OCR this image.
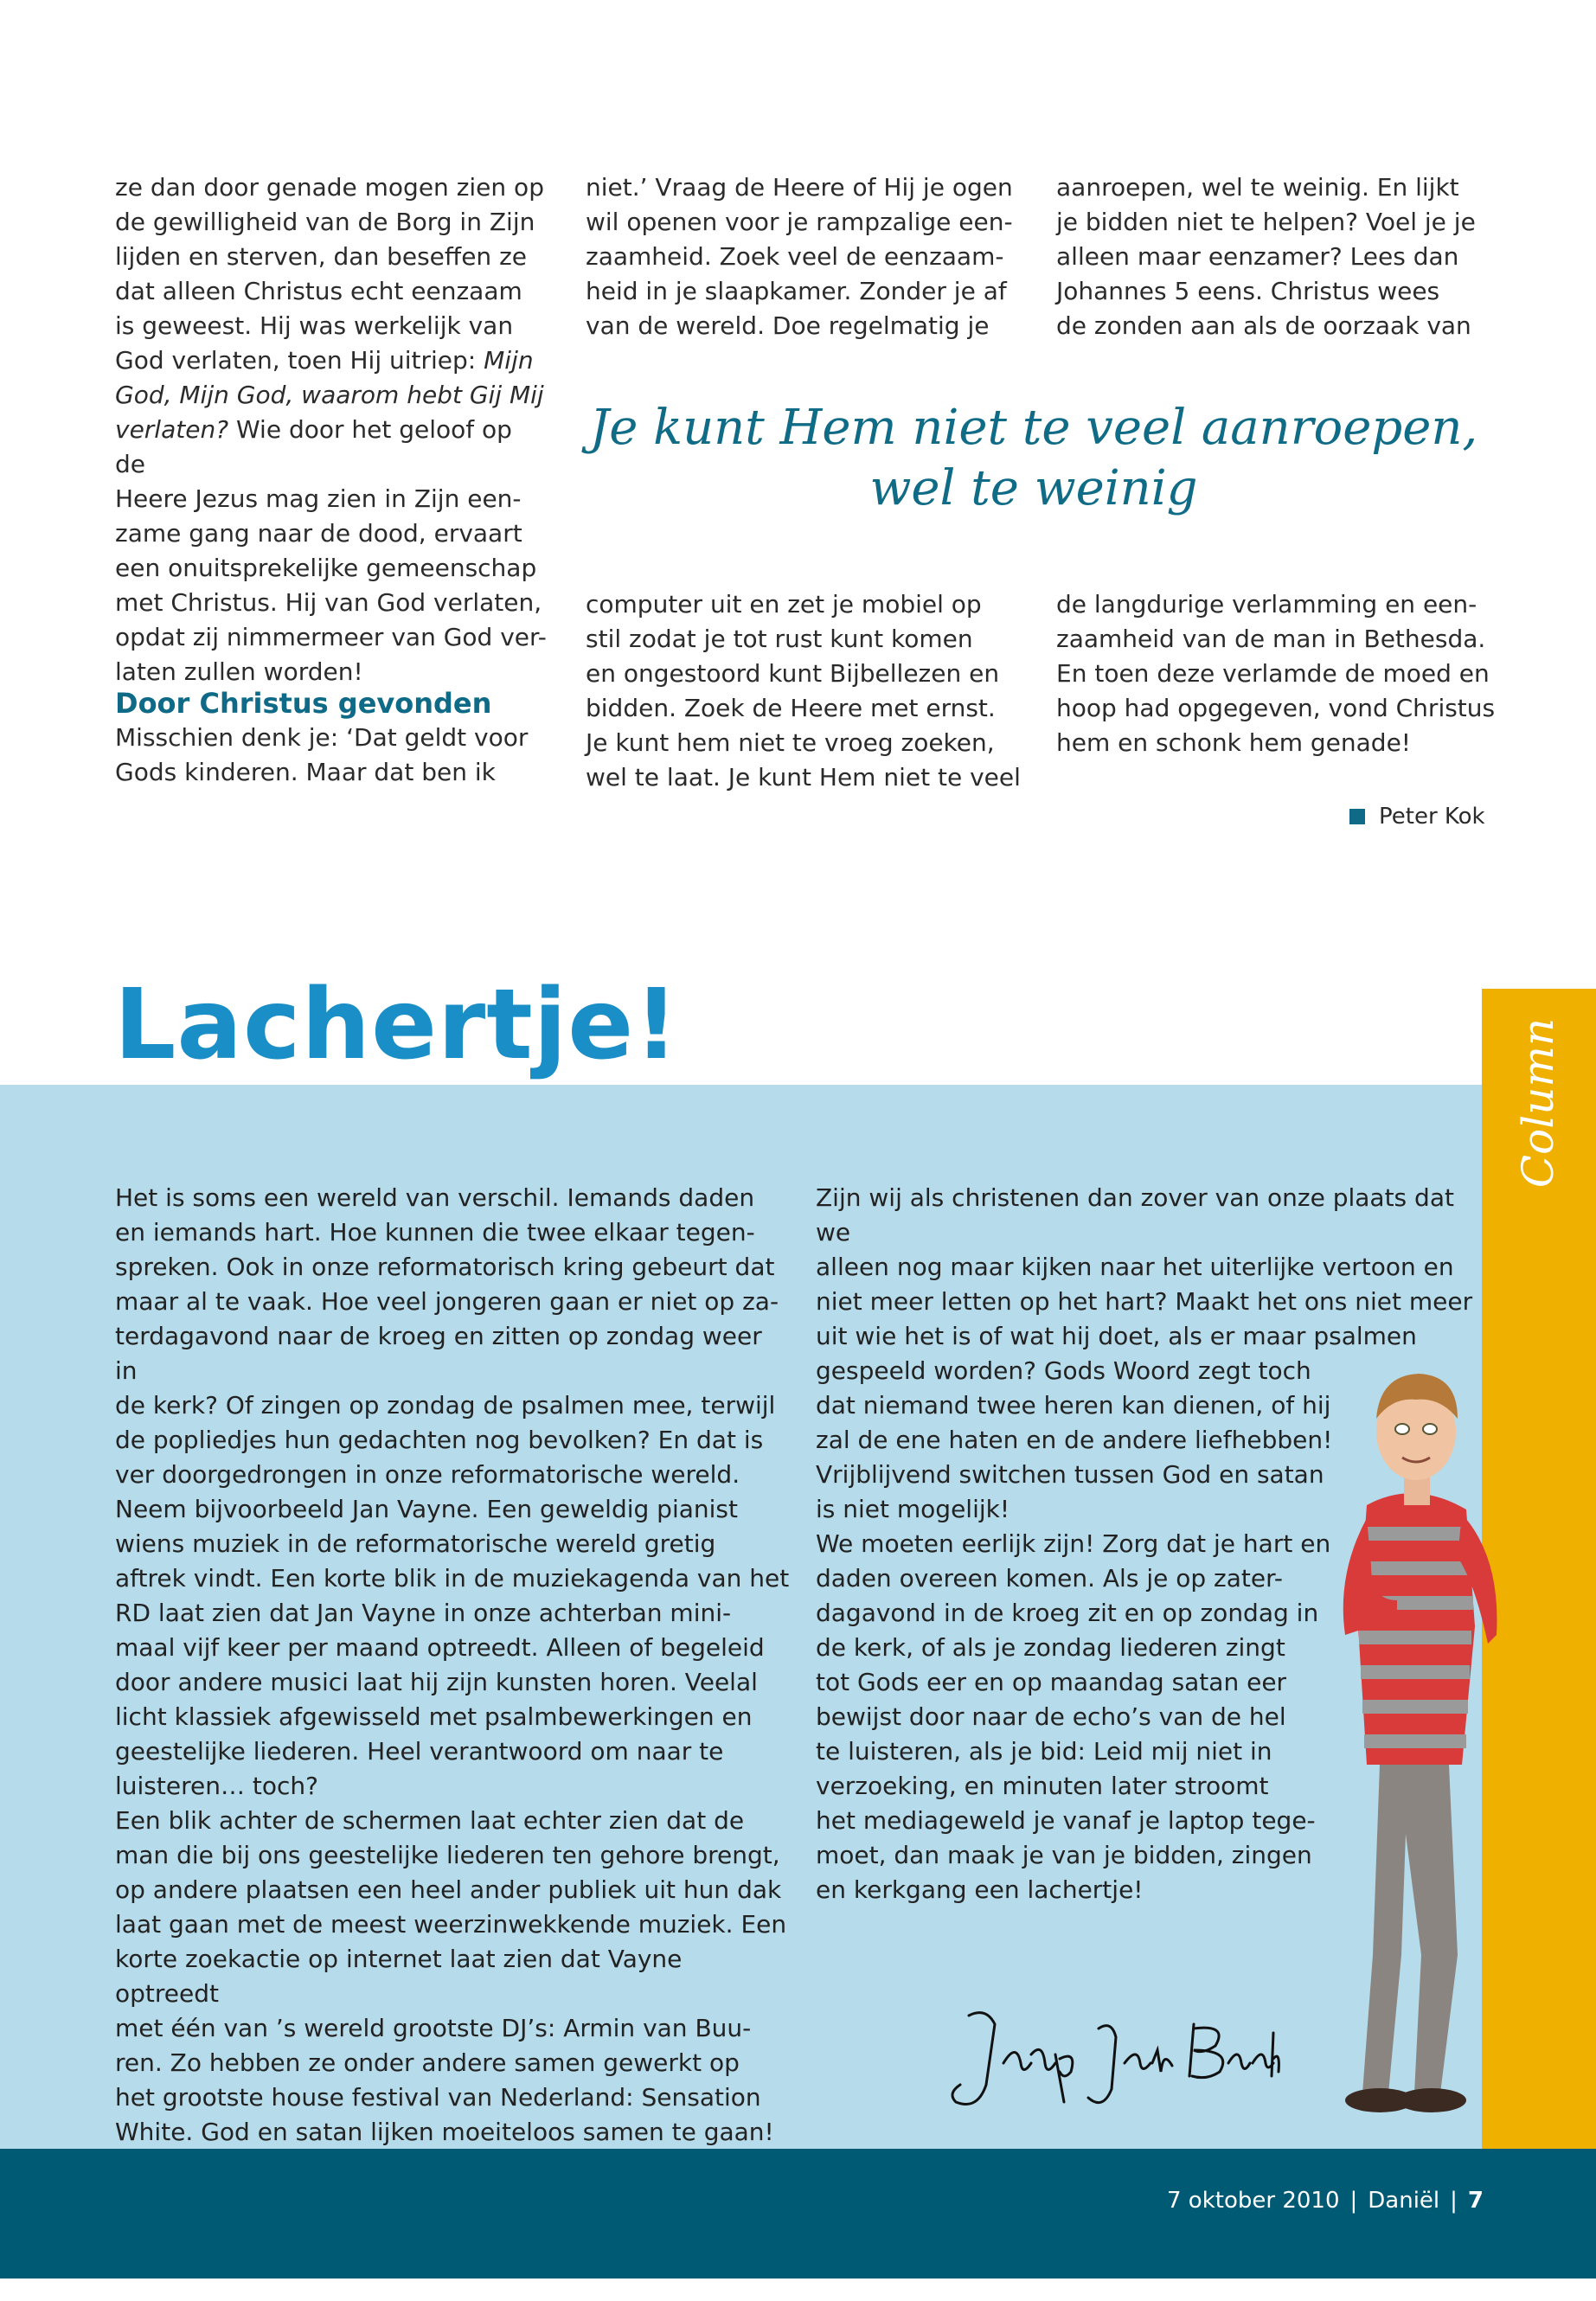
ze dan door genade mogen zien op
de gewilligheid van de Borg in Zijn
lijden en sterven, dan beseffen ze
dat alleen Christus echt eenzaam
is geweest. Hij was werkelijk van
God verlaten, toen Hij uitriep: Mijn
God, Mijn God, waarom hebt Gij Mij
verlaten? Wie door het geloof op de
Heere Jezus mag zien in Zijn een-
zame gang naar de dood, ervaart
een onuitsprekelijke gemeenschap
met Christus. Hij van God verlaten,
opdat zij nimmermeer van God ver-
laten zullen worden!

Door Christus gevonden

Misschien denk je: ‘Dat geldt voor
Gods kinderen. Maar dat ben ik

niet.’ Vraag de Heere of Hij je ogen
wil openen voor je rampzalige een-
zaamheid. Zoek veel de eenzaam-
heid in je slaapkamer. Zonder je af
van de wereld. Doe regelmatig je

computer uit en zet je mobiel op
stil zodat je tot rust kunt komen
en ongestoord kunt Bijbellezen en
bidden. Zoek de Heere met ernst.
Je kunt hem niet te vroeg zoeken,
wel te laat. Je kunt Hem niet te veel

aanroepen, wel te weinig. En lijkt
je bidden niet te helpen? Voel je je
alleen maar eenzamer? Lees dan
Johannes 5 eens. Christus wees
de zonden aan als de oorzaak van

de langdurige verlamming en een-
zaamheid van de man in Bethesda.
En toen deze verlamde de moed en
hoop had opgegeven, vond Christus
hem en schonk hem genade!

Je kunt Hem niet te veel aanroepen,
wel te weinig

Peter Kok

Column
Lachertje!

Het is soms een wereld van verschil. Iemands daden
en iemands hart. Hoe kunnen die twee elkaar tegen-
spreken. Ook in onze reformatorisch kring gebeurt dat
maar al te vaak. Hoe veel jongeren gaan er niet op za-
terdagavond naar de kroeg en zitten op zondag weer in
de kerk? Of zingen op zondag de psalmen mee, terwijl
de popliedjes hun gedachten nog bevolken? En dat is
ver doorgedrongen in onze reformatorische wereld.
Neem bijvoorbeeld Jan Vayne. Een geweldig pianist
wiens muziek in de reformatorische wereld gretig
aftrek vindt. Een korte blik in de muziekagenda van het
RD laat zien dat Jan Vayne in onze achterban mini-
maal vijf keer per maand optreedt. Alleen of begeleid
door andere musici laat hij zijn kunsten horen. Veelal
licht klassiek afgewisseld met psalmbewerkingen en
geestelijke liederen. Heel verantwoord om naar te
luisteren… toch?
Een blik achter de schermen laat echter zien dat de
man die bij ons geestelijke liederen ten gehore brengt,
op andere plaatsen een heel ander publiek uit hun dak
laat gaan met de meest weerzinwekkende muziek. Een
korte zoekactie op internet laat zien dat Vayne optreedt
met één van ’s wereld grootste DJ’s: Armin van Buu-
ren. Zo hebben ze onder andere samen gewerkt op
het grootste house festival van Nederland: Sensation
White. God en satan lijken moeiteloos samen te gaan!

Zijn wij als christenen dan zover van onze plaats dat we
alleen nog maar kijken naar het uiterlijke vertoon en
niet meer letten op het hart? Maakt het ons niet meer
uit wie het is of wat hij doet, als er maar psalmen
gespeeld worden? Gods Woord zegt toch
dat niemand twee heren kan dienen, of hij
zal de ene haten en de andere liefhebben!
Vrijblijvend switchen tussen God en satan
is niet mogelijk!
We moeten eerlijk zijn! Zorg dat je hart en
daden overeen komen. Als je op zater-
dagavond in de kroeg zit en op zondag in
de kerk, of als je zondag liederen zingt
tot Gods eer en op maandag satan eer
bewijst door naar de echo’s van de hel
te luisteren, als je bid: Leid mij niet in
verzoeking, en minuten later stroomt
het mediageweld je vanaf je laptop tege-
moet, dan maak je van je bidden, zingen
en kerkgang een lachertje!

7 oktober 2010 | Daniël | 7
